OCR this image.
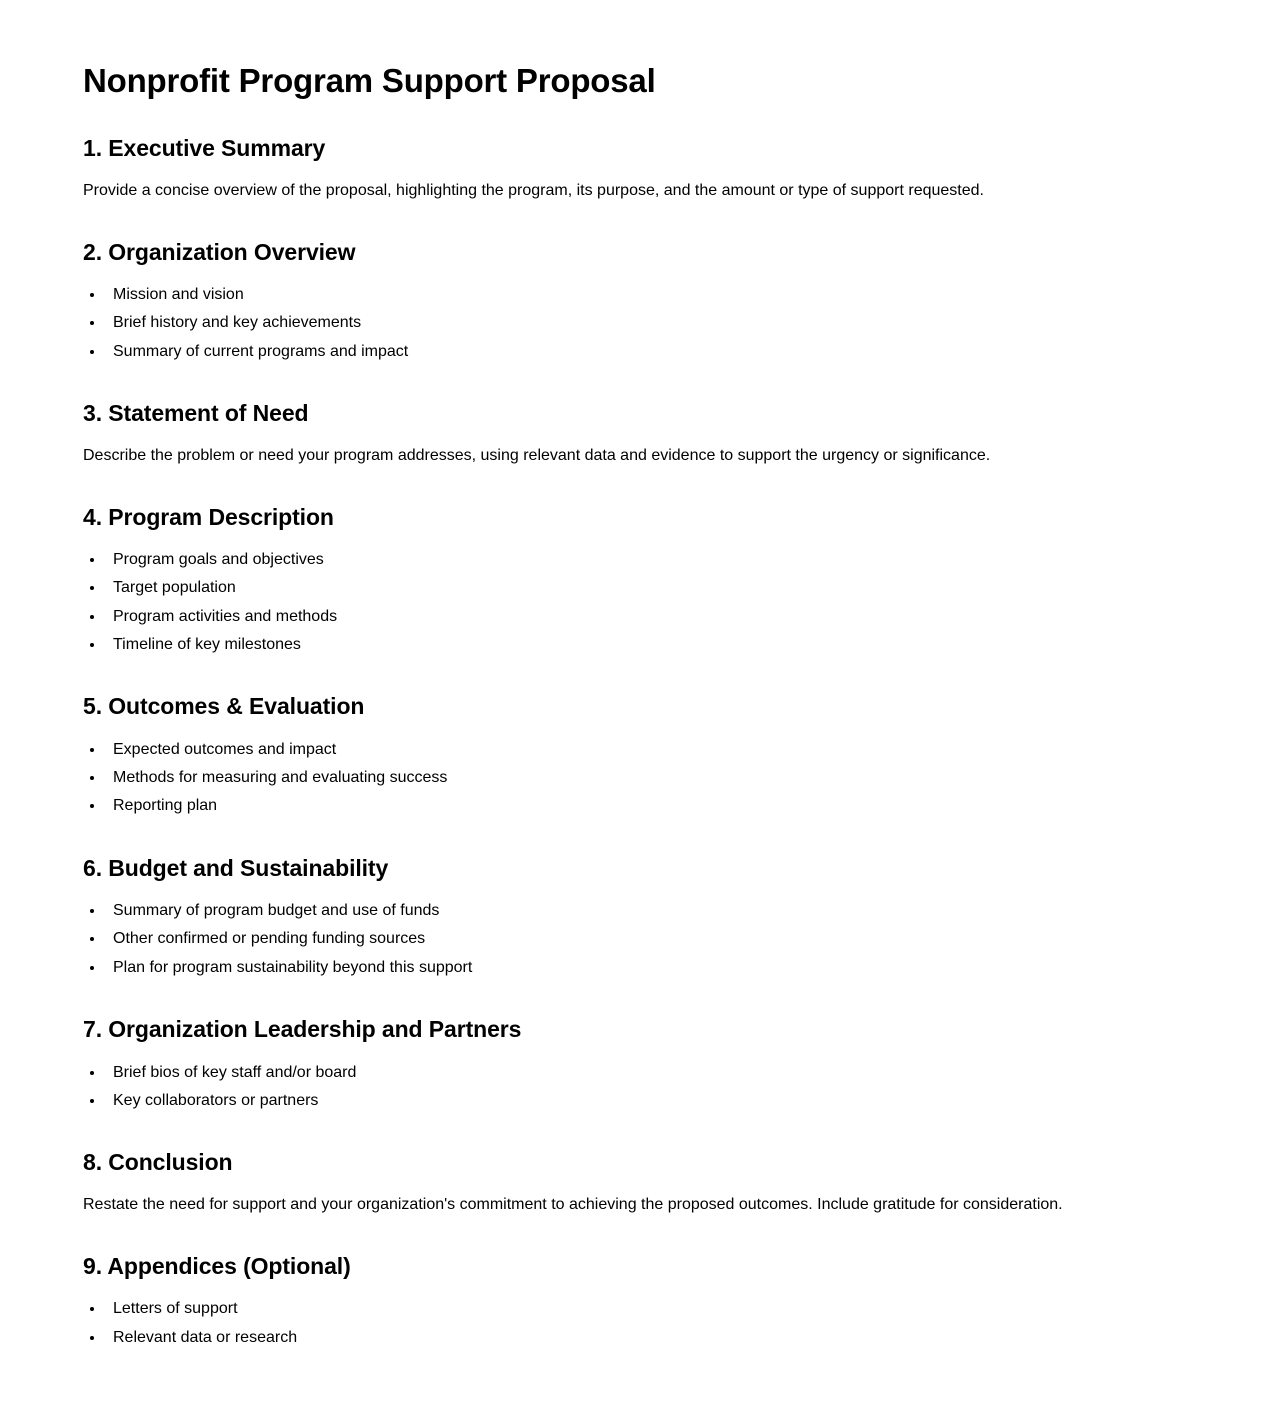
Nonprofit Program Support Proposal
1. Executive Summary

Provide a concise overview of the proposal, highlighting the program, its purpose, and the amount or type of support requested.

2. Organization Overview
Mission and vision
Brief history and key achievements
Summary of current programs and impact
3. Statement of Need

Describe the problem or need your program addresses, using relevant data and evidence to support the urgency or significance.

4. Program Description
Program goals and objectives
Target population
Program activities and methods
Timeline of key milestones
5. Outcomes & Evaluation
Expected outcomes and impact
Methods for measuring and evaluating success
Reporting plan
6. Budget and Sustainability
Summary of program budget and use of funds
Other confirmed or pending funding sources
Plan for program sustainability beyond this support
7. Organization Leadership and Partners
Brief bios of key staff and/or board
Key collaborators or partners
8. Conclusion

Restate the need for support and your organization's commitment to achieving the proposed outcomes. Include gratitude for consideration.

9. Appendices (Optional)
Letters of support
Relevant data or research
